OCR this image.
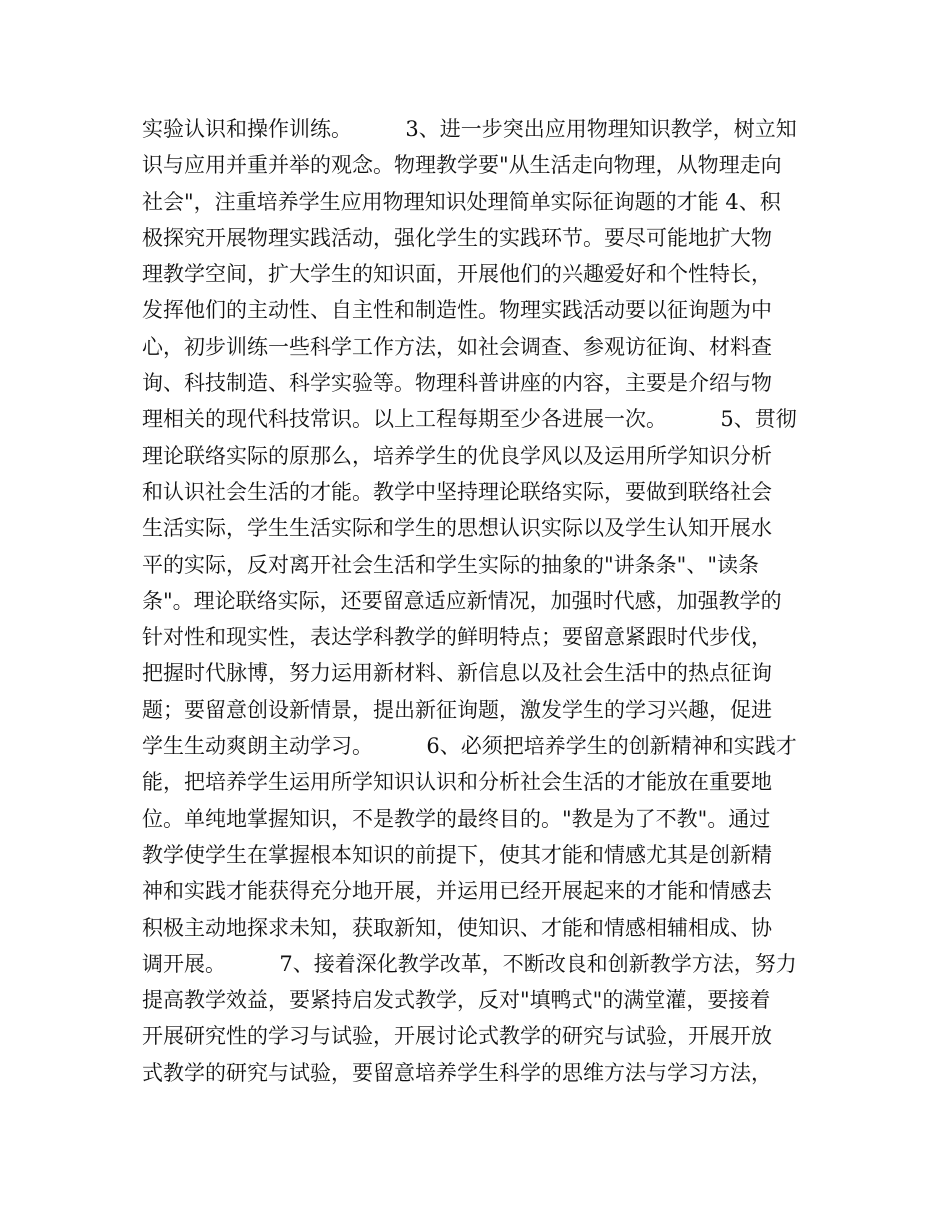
实验认识和操作训练。        3、进一步突出应用物理知识教学，树立知
识与应用并重并举的观念。物理教学要"从生活走向物理，从物理走向
社会"，注重培养学生应用物理知识处理简单实际征询题的才能 4、积
极探究开展物理实践活动，强化学生的实践环节。要尽可能地扩大物
理教学空间，扩大学生的知识面，开展他们的兴趣爱好和个性特长，
发挥他们的主动性、自主性和制造性。物理实践活动要以征询题为中
心，初步训练一些科学工作方法，如社会调查、参观访征询、材料查
询、科技制造、科学实验等。物理科普讲座的内容，主要是介绍与物
理相关的现代科技常识。以上工程每期至少各进展一次。        5、贯彻
理论联络实际的原那么，培养学生的优良学风以及运用所学知识分析
和认识社会生活的才能。教学中坚持理论联络实际，要做到联络社会
生活实际，学生生活实际和学生的思想认识实际以及学生认知开展水
平的实际，反对离开社会生活和学生实际的抽象的"讲条条"、"读条
条"。理论联络实际，还要留意适应新情况，加强时代感，加强教学的
针对性和现实性，表达学科教学的鲜明特点；要留意紧跟时代步伐，
把握时代脉博，努力运用新材料、新信息以及社会生活中的热点征询
题；要留意创设新情景，提出新征询题，激发学生的学习兴趣，促进
学生生动爽朗主动学习。        6、必须把培养学生的创新精神和实践才
能，把培养学生运用所学知识认识和分析社会生活的才能放在重要地
位。单纯地掌握知识，不是教学的最终目的。"教是为了不教"。通过
教学使学生在掌握根本知识的前提下，使其才能和情感尤其是创新精
神和实践才能获得充分地开展，并运用已经开展起来的才能和情感去
积极主动地探求未知，获取新知，使知识、才能和情感相辅相成、协
调开展。        7、接着深化教学改革，不断改良和创新教学方法，努力
提高教学效益，要紧持启发式教学，反对"填鸭式"的满堂灌，要接着
开展研究性的学习与试验，开展讨论式教学的研究与试验，开展开放
式教学的研究与试验，要留意培养学生科学的思维方法与学习方法，
